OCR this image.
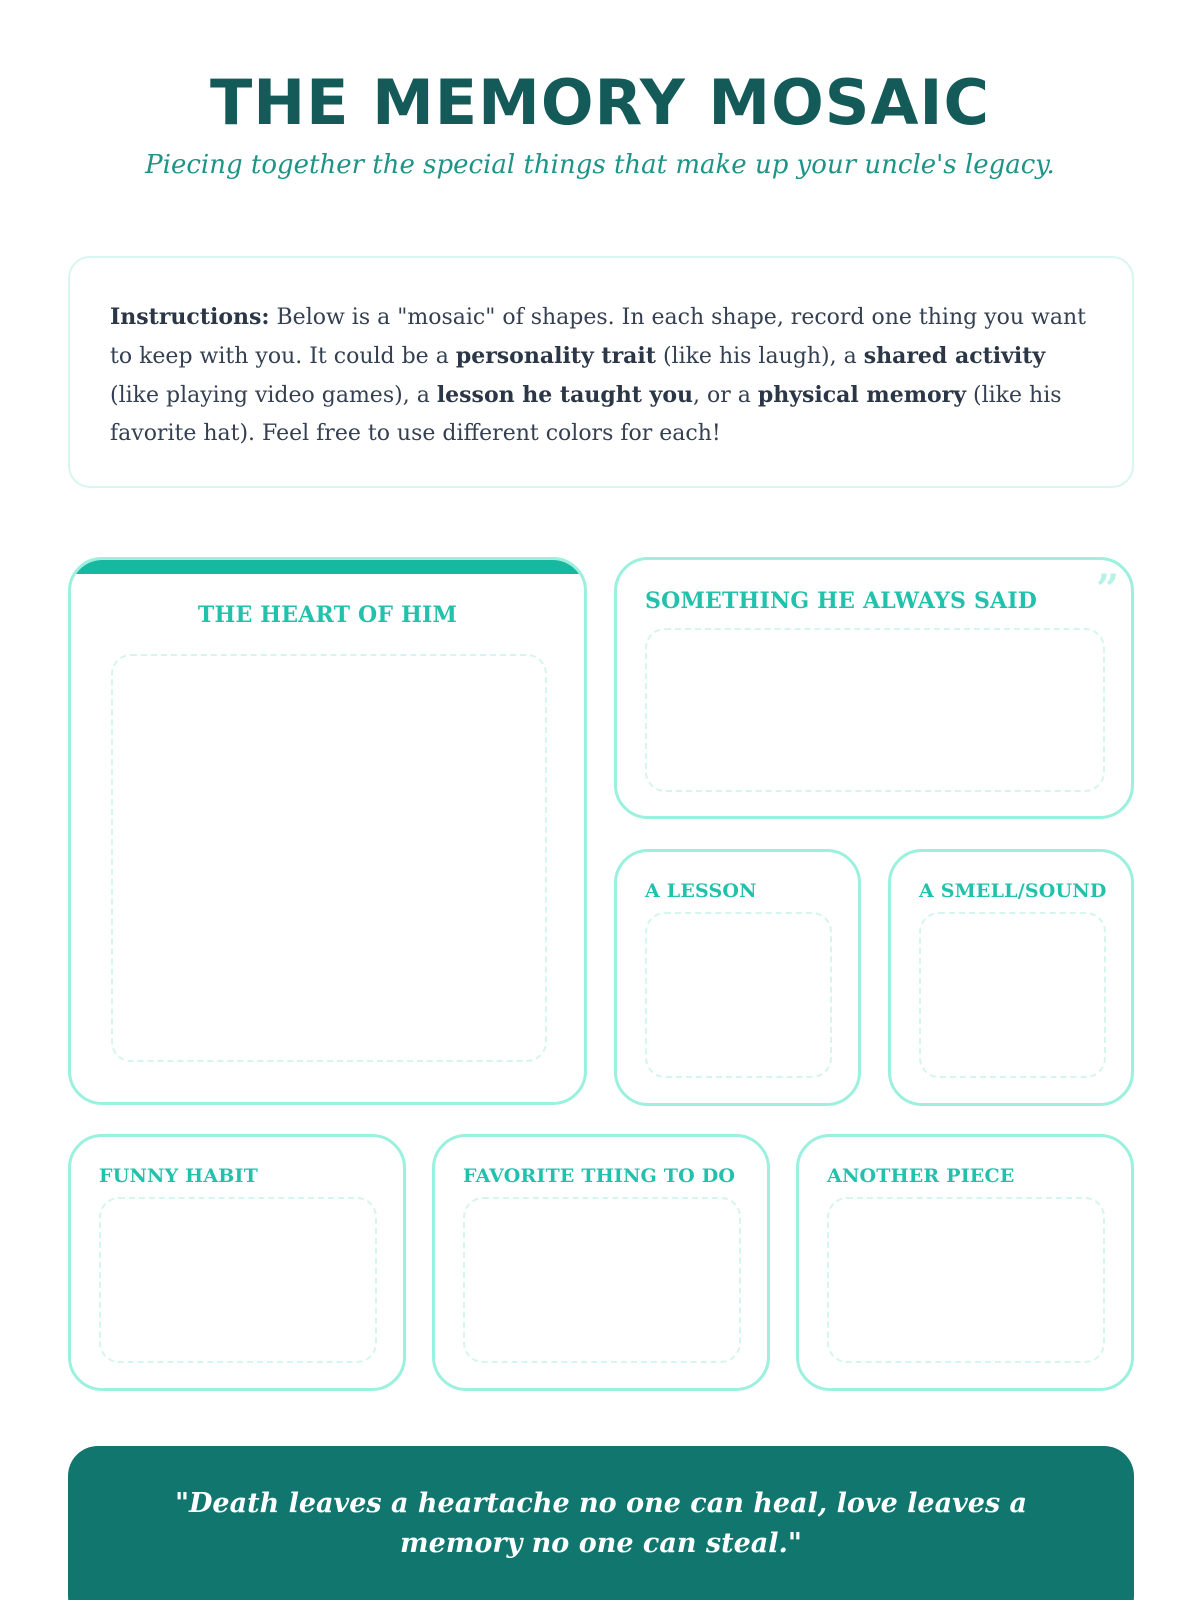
THE MEMORY MOSAIC
Piecing together the special things that make up your uncle's legacy.
Instructions: Below is a "mosaic" of shapes. In each shape, record one thing you want to keep with you. It could be a personality trait (like his laugh), a shared activity (like playing video games), a lesson he taught you, or a physical memory (like his favorite hat). Feel free to use different colors for each!
THE HEART OF HIM
SOMETHING HE ALWAYS SAID ”
A LESSON	A SMELL/SOUND
FUNNY HABIT	FAVORITE THING TO DO	ANOTHER PIECE
"Death leaves a heartache no one can heal, love leaves a memory no one can steal."
